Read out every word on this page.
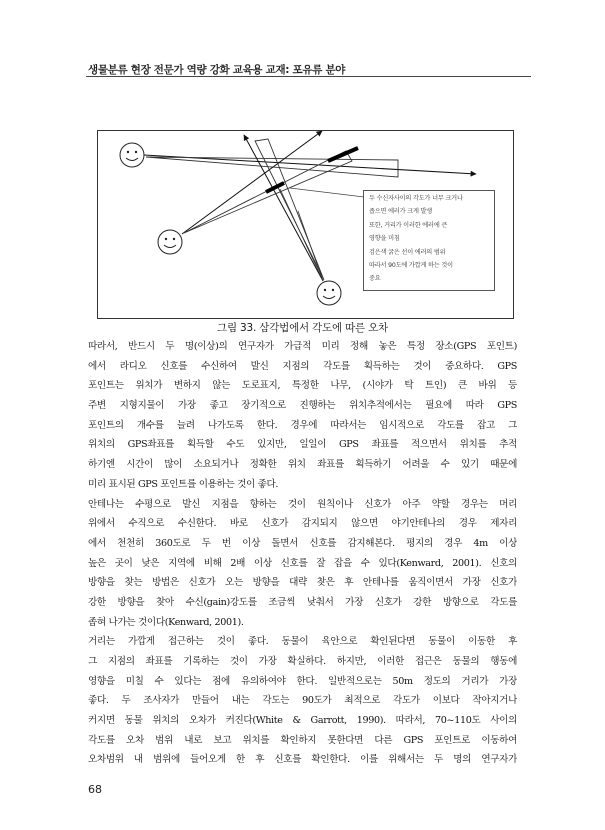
생물분류 현장 전문가 역량 강화 교육용 교재: 포유류 분야
두 수신자사이의 각도가 너무 크거나
좁으면 에러가 크게 발생
또한, 거리가 이러한 에러에 큰
영향을 미침
검은색 굵은 선이 에러의 범위
따라서 90도에 가깝게 하는 것이
중요
그림 33. 삼각법에서 각도에 따른 오차
따라서, 반드시 두 명(이상)의 연구자가 가급적 미리 정해 놓은 특정 장소(GPS 포인트)
에서 라디오 신호를 수신하여 발신 지점의 각도를 획득하는 것이 중요하다. GPS
포인트는 위치가 변하지 않는 도로표지, 특정한 나무, (시야가 탁 트인) 큰 바위 등
주변 지형지물이 가장 좋고 장기적으로 진행하는 위치추적에서는 필요에 따라 GPS
포인트의 개수를 늘려 나가도록 한다. 경우에 따라서는 임시적으로 각도를 잡고 그
위치의 GPS좌표를 획득할 수도 있지만, 일일이 GPS 좌표를 적으면서 위치를 추적
하기엔 시간이 많이 소요되거나 정확한 위치 좌표를 획득하기 어려울 수 있기 때문에
미리 표시된 GPS 포인트를 이용하는 것이 좋다.
안테나는 수평으로 발신 지점을 향하는 것이 원칙이나 신호가 아주 약할 경우는 머리
위에서 수직으로 수신한다. 바로 신호가 감지되지 않으면 야기안테나의 경우 제자리
에서 천천히 360도로 두 번 이상 돌면서 신호를 감지해본다. 평지의 경우 4m 이상
높은 곳이 낮은 지역에 비해 2배 이상 신호를 잘 잡을 수 있다(Kenward, 2001). 신호의
방향을 찾는 방법은 신호가 오는 방향을 대략 찾은 후 안테나를 움직이면서 가장 신호가
강한 방향을 찾아 수신(gain)강도를 조금씩 낮춰서 가장 신호가 강한 방향으로 각도를
좁혀 나가는 것이다(Kenward, 2001).
거리는 가깝게 접근하는 것이 좋다. 동물이 육안으로 확인된다면 동물이 이동한 후
그 지점의 좌표를 기록하는 것이 가장 확실하다. 하지만, 이러한 접근은 동물의 행동에
영향을 미칠 수 있다는 점에 유의하여야 한다. 일반적으로는 50m 정도의 거리가 가장
좋다. 두 조사자가 만들어 내는 각도는 90도가 최적으로 각도가 이보다 작아지거나
커지면 동물 위치의 오차가 커진다(White & Garrott, 1990). 따라서, 70~110도 사이의
각도를 오차 범위 내로 보고 위치를 확인하지 못한다면 다른 GPS 포인트로 이동하여
오차범위 내 범위에 들어오게 한 후 신호를 확인한다. 이를 위해서는 두 명의 연구자가
68
